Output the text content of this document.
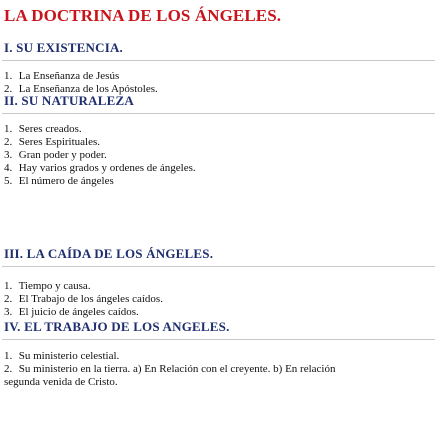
LA DOCTRINA DE LOS ÁNGELES.
I. SU EXISTENCIA.
1. La Enseñanza de Jesús
2. La Enseñanza de los Apóstoles.
II. SU NATURALEZA
1. Seres creados.
2. Seres Espirituales.
3. Gran poder y poder.
4. Hay varios grados y ordenes de ángeles.
5. El número de ángeles
III. LA CAÍDA DE LOS ÁNGELES.
1. Tiempo y causa.
2. El Trabajo de los ángeles caídos.
3. El juicio de ángeles caídos.
IV. EL TRABAJO DE LOS ANGELES.
1. Su ministerio celestial.
2. Su ministerio en la tierra. a) En Relación con el creyente. b) En relación
segunda venida de Cristo.
